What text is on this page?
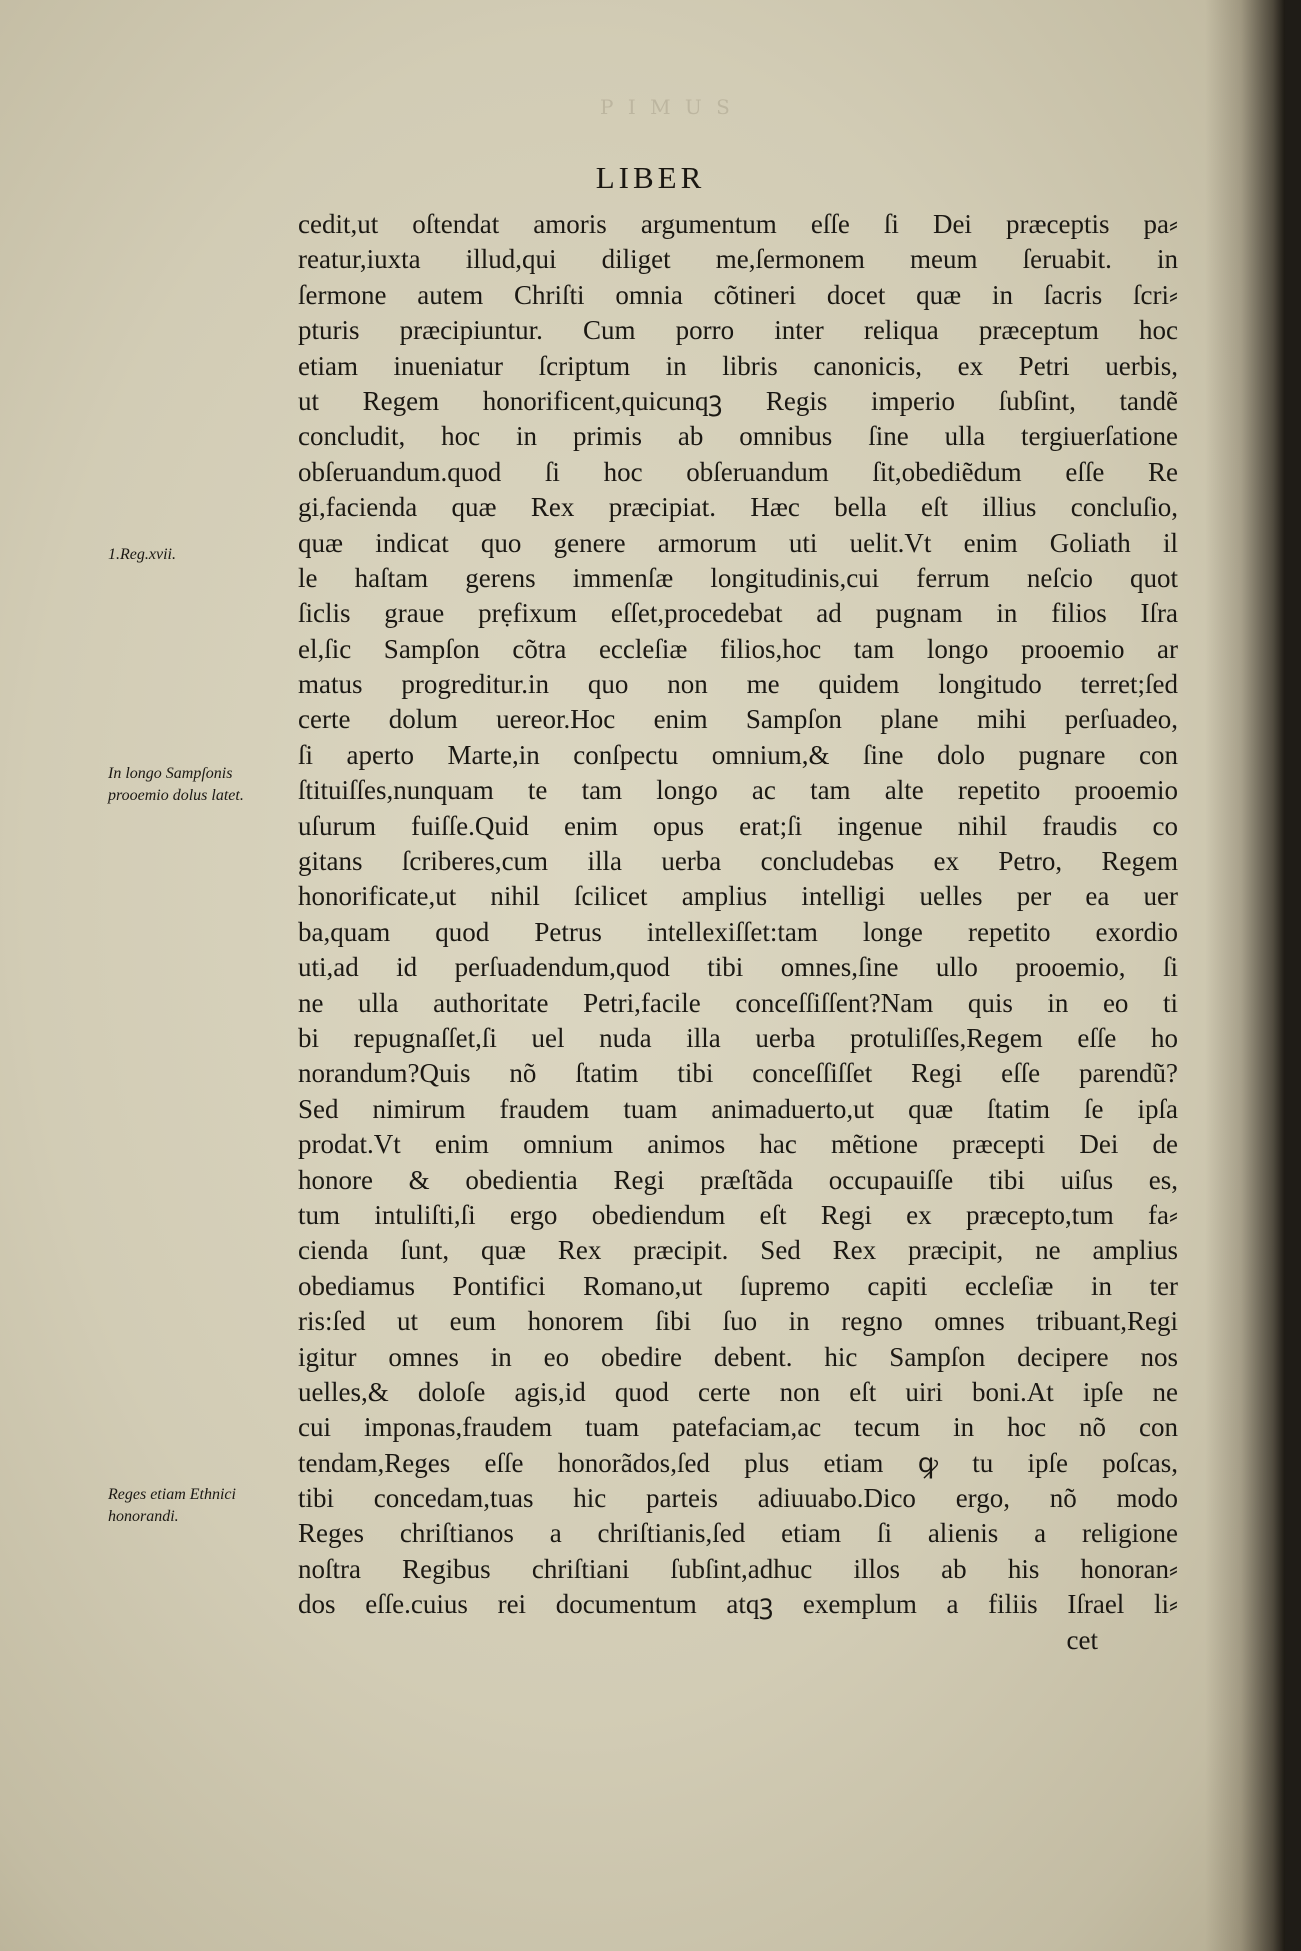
P I M U S
LIBER
1.Reg.xvii.
In longo Sampſonis
prooemio dolus latet.
Reges etiam Ethnici
honorandi.
cedit,ut oſtendat amoris argumentum eſſe ſi Dei præceptis pa⸗
reatur,iuxta illud,qui diliget me,ſermonem meum ſeruabit. in
ſermone autem Chriſti omnia cõtineri docet quæ in ſacris ſcri⸗
pturis præcipiuntur. Cum porro inter reliqua præceptum hoc
etiam inueniatur ſcriptum in libris canonicis, ex Petri uerbis,
ut Regem honorificent,quicunqꝫ Regis imperio ſubſint, tandẽ
concludit, hoc in primis ab omnibus ſine ulla tergiuerſatione
obſeruandum.quod ſi hoc obſeruandum ſit,obediẽdum eſſe Re
gi,facienda quæ Rex præcipiat. Hæc bella eſt illius concluſio,
quæ indicat quo genere armorum uti uelit.Vt enim Goliath il
le haſtam gerens immenſæ longitudinis,cui ferrum neſcio quot
ſiclis graue prẹfixum eſſet,procedebat ad pugnam in filios Iſra
el,ſic Sampſon cõtra eccleſiæ filios,hoc tam longo prooemio ar
matus progreditur.in quo non me quidem longitudo terret;ſed
certe dolum uereor.Hoc enim Sampſon plane mihi perſuadeo,
ſi aperto Marte,in conſpectu omnium,& ſine dolo pugnare con
ſtituiſſes,nunquam te tam longo ac tam alte repetito prooemio
uſurum fuiſſe.Quid enim opus erat;ſi ingenue nihil fraudis co
gitans ſcriberes,cum illa uerba concludebas ex Petro, Regem
honorificate,ut nihil ſcilicet amplius intelligi uelles per ea uer
ba,quam quod Petrus intellexiſſet:tam longe repetito exordio
uti,ad id perſuadendum,quod tibi omnes,ſine ullo prooemio, ſi
ne ulla authoritate Petri,facile conceſſiſſent?Nam quis in eo ti
bi repugnaſſet,ſi uel nuda illa uerba protuliſſes,Regem eſſe ho
norandum?Quis nõ ſtatim tibi conceſſiſſet Regi eſſe parendũ?
Sed nimirum fraudem tuam animaduerto,ut quæ ſtatim ſe ipſa
prodat.Vt enim omnium animos hac mẽtione præcepti Dei de
honore & obedientia Regi præſtãda occupauiſſe tibi uiſus es,
tum intuliſti,ſi ergo obediendum eſt Regi ex præcepto,tum fa⸗
cienda ſunt, quæ Rex præcipit. Sed Rex præcipit, ne amplius
obediamus Pontifici Romano,ut ſupremo capiti eccleſiæ in ter
ris:ſed ut eum honorem ſibi ſuo in regno omnes tribuant,Regi
igitur omnes in eo obedire debent. hic Sampſon decipere nos
uelles,& doloſe agis,id quod certe non eſt uiri boni.At ipſe ne
cui imponas,fraudem tuam patefaciam,ac tecum in hoc nõ con
tendam,Reges eſſe honorãdos,ſed plus etiam ꝙ tu ipſe poſcas,
tibi concedam,tuas hic parteis adiuuabo.Dico ergo, nõ modo
Reges chriſtianos a chriſtianis,ſed etiam ſi alienis a religione
noſtra Regibus chriſtiani ſubſint,adhuc illos ab his honoran⸗
dos eſſe.cuius rei documentum atqꝫ exemplum a filiis Iſrael li⸗
cet
